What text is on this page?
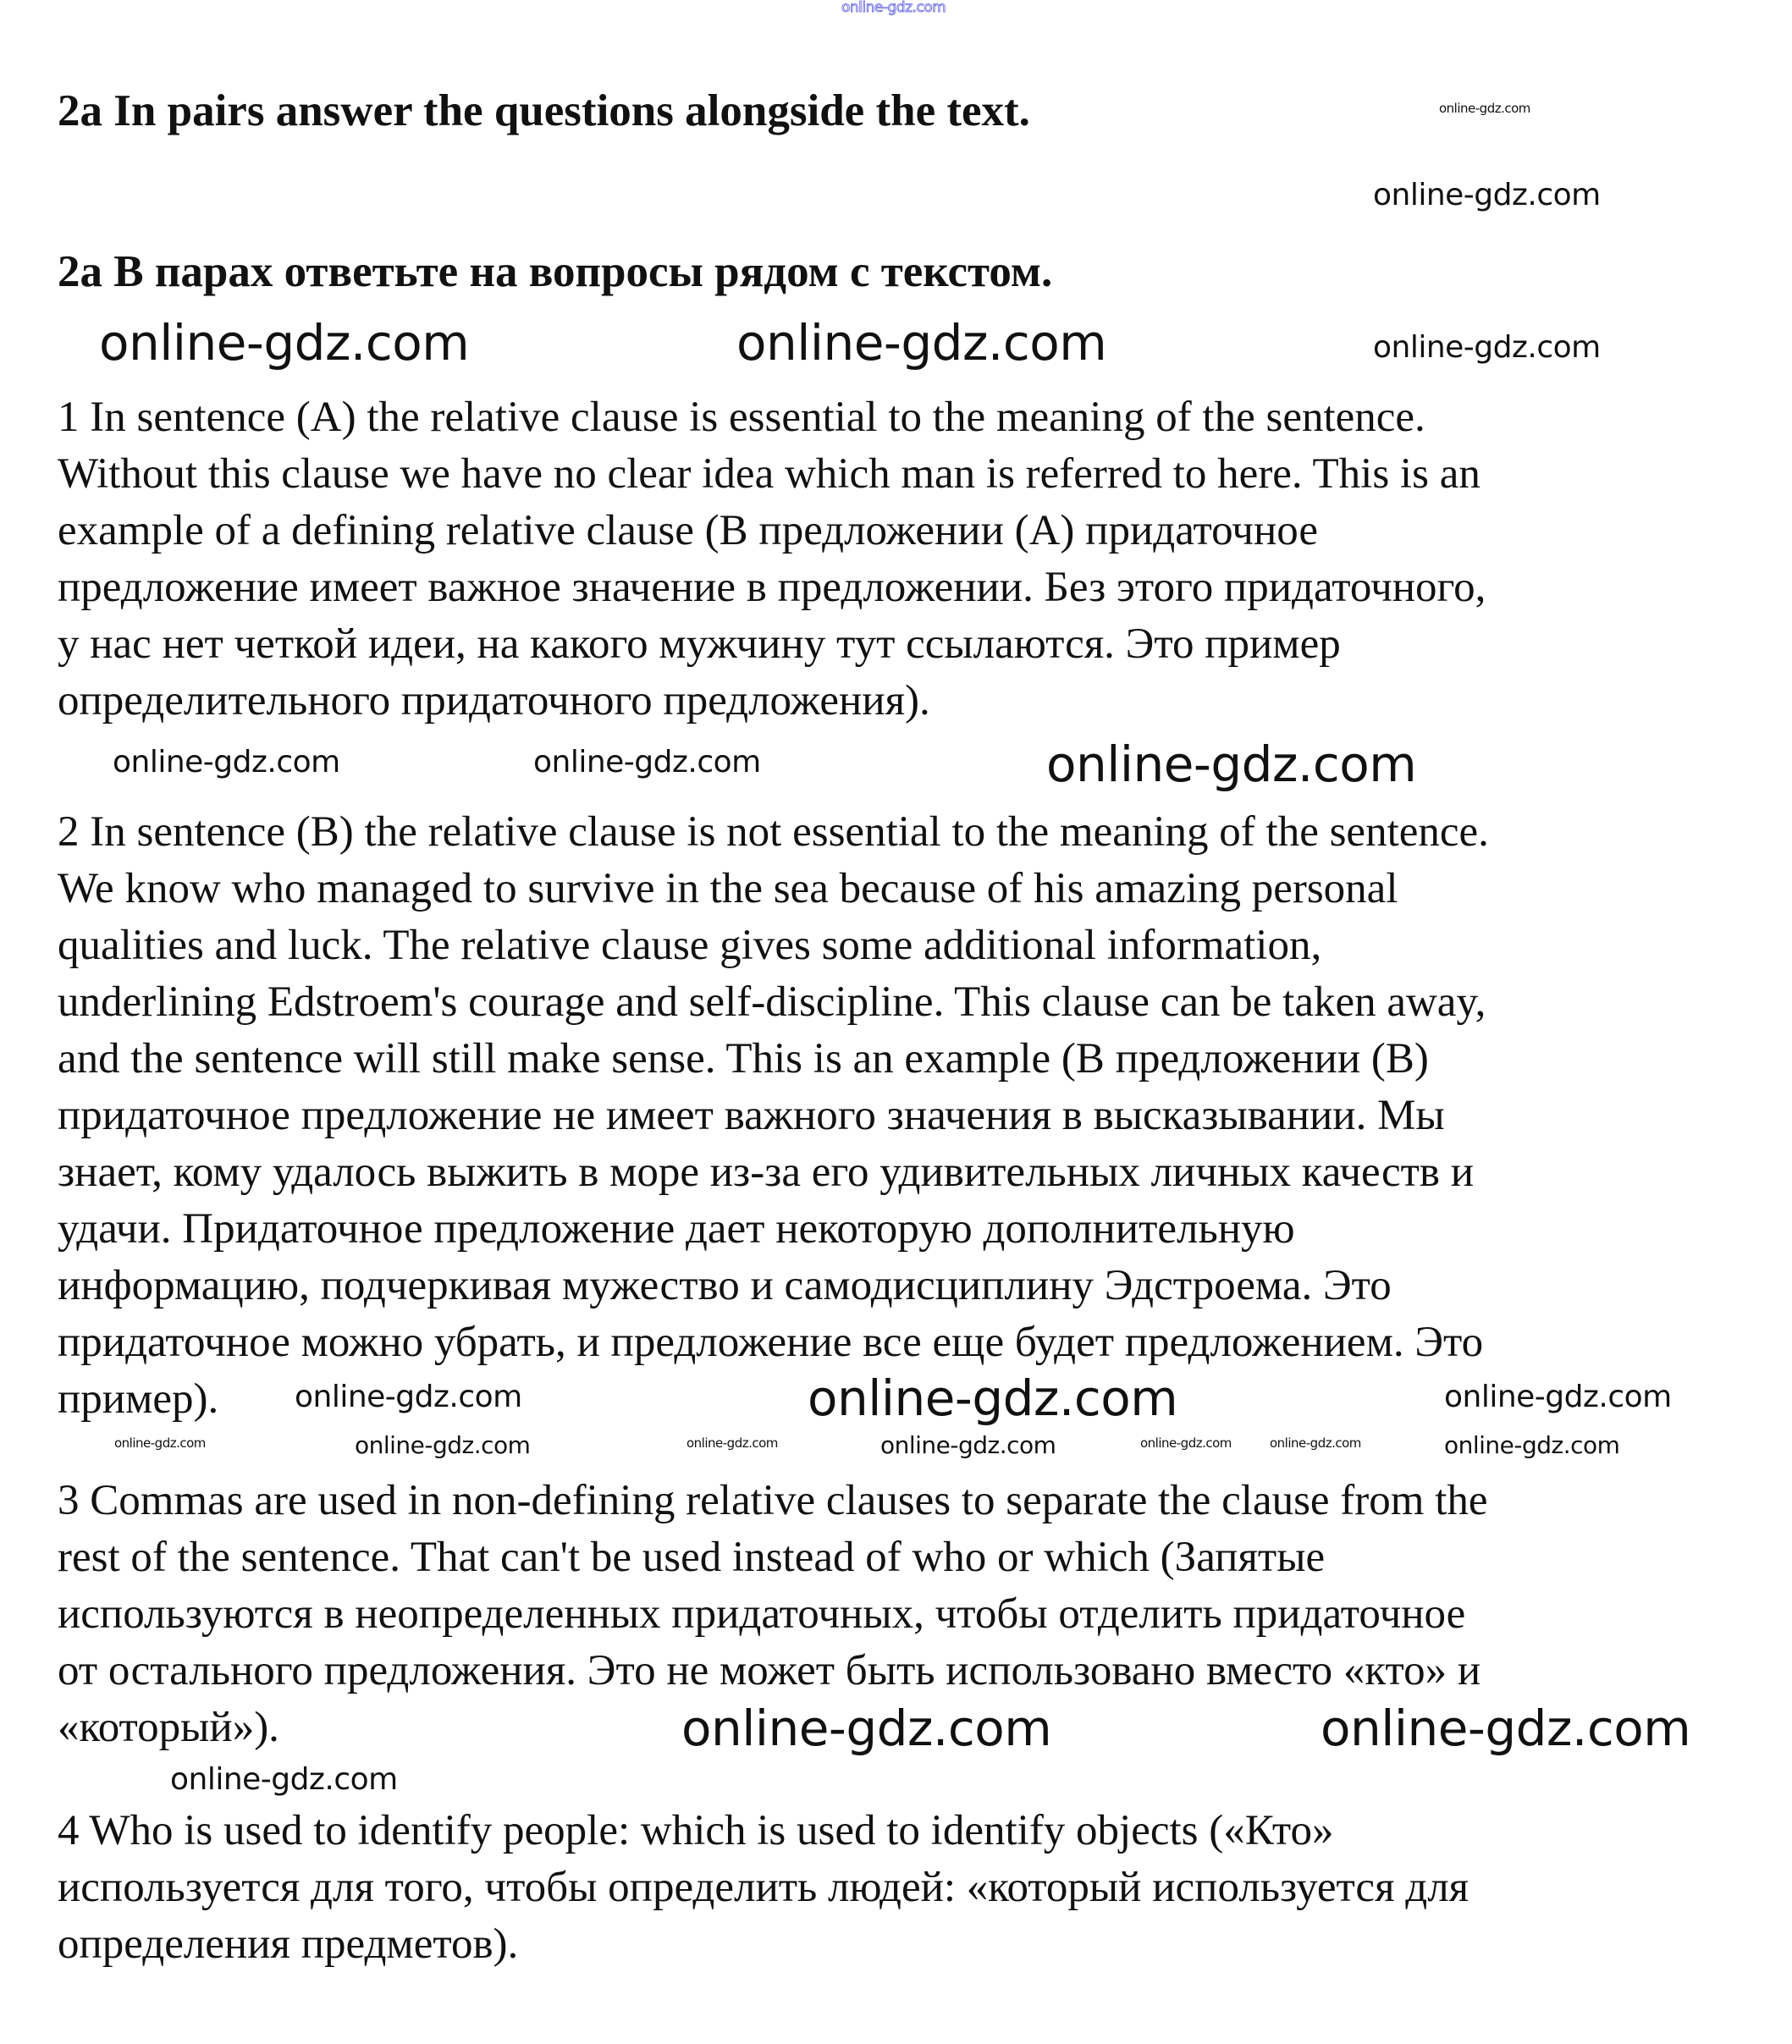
online-gdz.com
2a In pairs answer the questions alongside the text.
2a В парах ответьте на вопросы рядом с текстом.
1 In sentence (A) the relative clause is essential to the meaning of the sentence.
Without this clause we have no clear idea which man is referred to here. This is an
example of a defining relative clause (В предложении (А) придаточное
предложение имеет важное значение в предложении. Без этого придаточного,
у нас нет четкой идеи, на какого мужчину тут ссылаются. Это пример
определительного придаточного предложения).
2 In sentence (B) the relative clause is not essential to the meaning of the sentence.
We know who managed to survive in the sea because of his amazing personal
qualities and luck. The relative clause gives some additional information,
underlining Edstroem's courage and self-discipline. This clause can be taken away,
and the sentence will still make sense. This is an example (В предложении (В)
придаточное предложение не имеет важного значения в высказывании. Мы
знает, кому удалось выжить в море из-за его удивительных личных качеств и
удачи. Придаточное предложение дает некоторую дополнительную
информацию, подчеркивая мужество и самодисциплину Эдстроема. Это
придаточное можно убрать, и предложение все еще будет предложением. Это
пример).
3 Commas are used in non-defining relative clauses to separate the clause from the
rest of the sentence. That can't be used instead of who or which (Запятые
используются в неопределенных придаточных, чтобы отделить придаточное
от остального предложения. Это не может быть использовано вместо «кто» и
«который»).
4 Who is used to identify people: which is used to identify objects («Кто»
используется для того, чтобы определить людей: «который используется для
определения предметов).
online-gdz.com
online-gdz.com
online-gdz.com	online-gdz.com	online-gdz.com
online-gdz.com	online-gdz.com	online-gdz.com
online-gdz.com	online-gdz.com	online-gdz.com	online-gdz.com	online-gdz.com	online-gdz.com
online-gdz.com
online-gdz.com
online-gdz.com	online-gdz.com
online-gdz.com	online-gdz.com
online-gdz.com
